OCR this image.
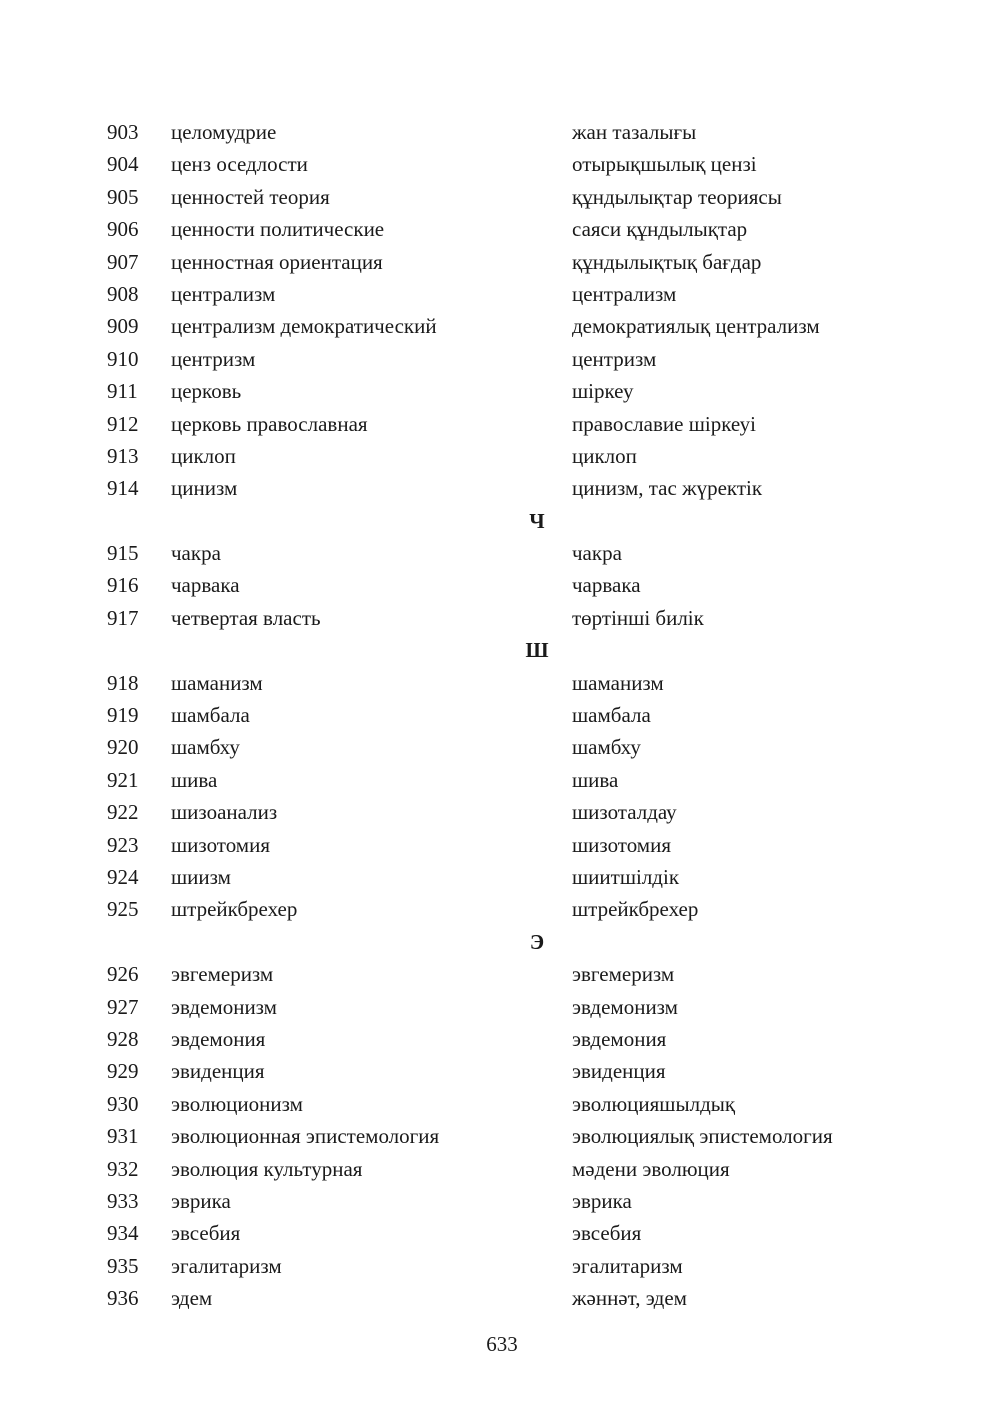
903 целомудрие	жан тазалығы
904 ценз оседлости	отырықшылық цензі
905 ценностей теория	құндылықтар теориясы
906 ценности политические	саяси құндылықтар
907 ценностная ориентация	құндылықтық бағдар
908 централизм	централизм
909 централизм демократический	демократиялық централизм
910 центризм	центризм
911 церковь	шіркеу
912 церковь православная	православие шіркеуі
913 циклоп	циклоп
914 цинизм	цинизм, тас жүректік
Ч
915 чакра	чакра
916 чарвака	чарвака
917 четвертая власть	төртінші билік
Ш
918 шаманизм	шаманизм
919 шамбала	шамбала
920 шамбху	шамбху
921 шива	шива
922 шизоанализ	шизоталдау
923 шизотомия	шизотомия
924 шиизм	шиитшілдік
925 штрейкбрехер	штрейкбрехер
Э
926 эвгемеризм	эвгемеризм
927 эвдемонизм	эвдемонизм
928 эвдемония	эвдемония
929 эвиденция	эвиденция
930 эволюционизм	эволюцияшылдық
931 эволюционная эпистемология	эволюциялық эпистемология
932 эволюция культурная	мәдени эволюция
933 эврика	эврика
934 эвсебия	эвсебия
935 эгалитаризм	эгалитаризм
936 эдем	жәннәт, эдем
633
